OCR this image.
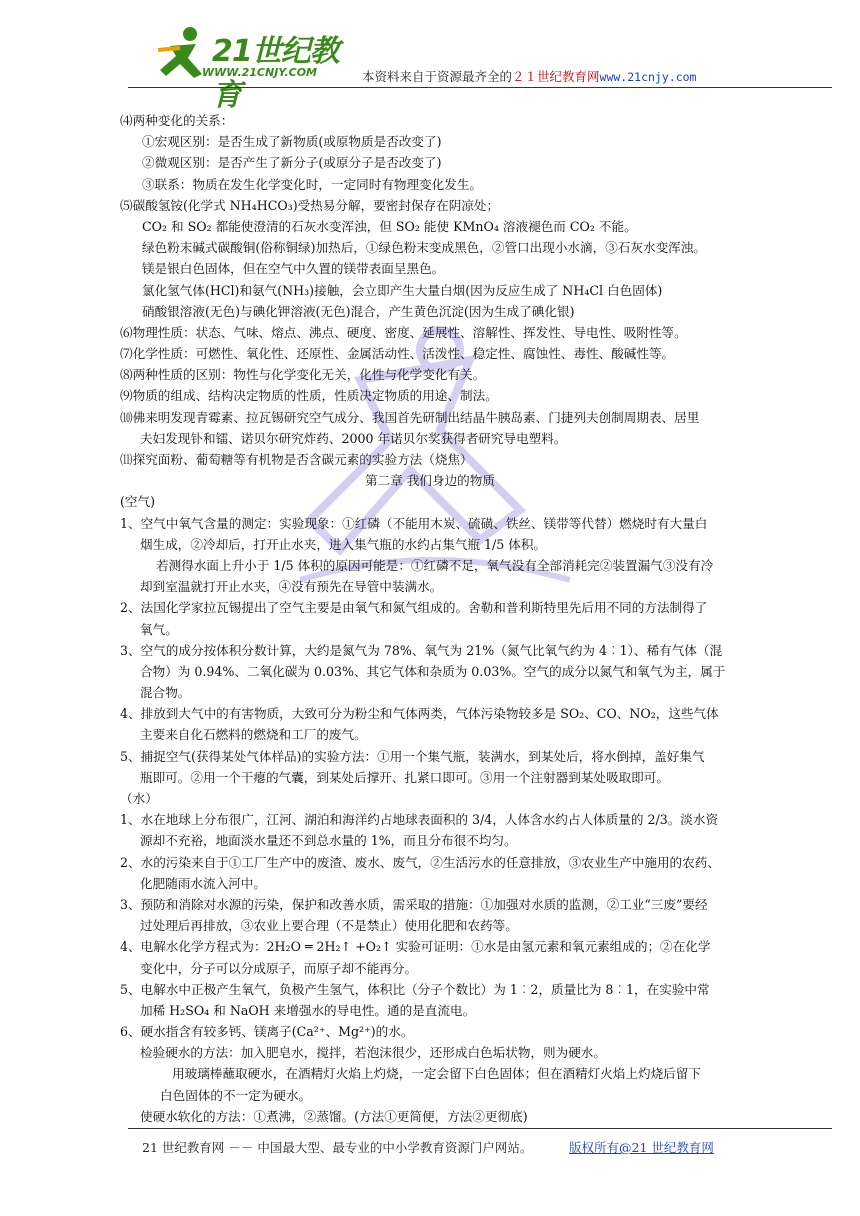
21世纪教育
WWW.21CNJY.COM	本资料来自于资源最齐全的２１世纪教育网www.21cnjy.com
⑷两种变化的关系：
①宏观区别：是否生成了新物质(或原物质是否改变了)
②微观区别：是否产生了新分子(或原分子是否改变了)
③联系：物质在发生化学变化时，一定同时有物理变化发生。
⑸碳酸氢铵(化学式 NH₄HCO₃)受热易分解，要密封保存在阴凉处；
CO₂ 和 SO₂ 都能使澄清的石灰水变浑浊，但 SO₂ 能使 KMnO₄ 溶液褪色而 CO₂ 不能。
绿色粉末碱式碳酸铜(俗称铜绿)加热后，①绿色粉末变成黑色，②管口出现小水滴，③石灰水变浑浊。
镁是银白色固体，但在空气中久置的镁带表面呈黑色。
氯化氢气体(HCl)和氨气(NH₃)接触，会立即产生大量白烟(因为反应生成了 NH₄Cl 白色固体)
硝酸银溶液(无色)与碘化钾溶液(无色)混合，产生黄色沉淀(因为生成了碘化银)
⑹物理性质：状态、气味、熔点、沸点、硬度、密度、延展性、溶解性、挥发性、导电性、吸附性等。
⑺化学性质：可燃性、氧化性、还原性、金属活动性、活泼性、稳定性、腐蚀性、毒性、酸碱性等。
⑻两种性质的区别：物性与化学变化无关，化性与化学变化有关。
⑼物质的组成、结构决定物质的性质，性质决定物质的用途、制法。
⑽佛来明发现青霉素、拉瓦锡研究空气成分、我国首先研制出结晶牛胰岛素、门捷列夫创制周期表、居里
夫妇发现钋和镭、诺贝尔研究炸药、2000 年诺贝尔奖获得者研究导电塑料。
⑾探究面粉、葡萄糖等有机物是否含碳元素的实验方法（烧焦）
第二章 我们身边的物质
(空气)
1、空气中氧气含量的测定：实验现象：①红磷（不能用木炭、硫磺、铁丝、镁带等代替）燃烧时有大量白
烟生成，②冷却后，打开止水夹，进入集气瓶的水约占集气瓶 1/5 体积。
若测得水面上升小于 1/5 体积的原因可能是：①红磷不足，氧气没有全部消耗完②装置漏气③没有冷
却到室温就打开止水夹，④没有预先在导管中装满水。
2、法国化学家拉瓦锡提出了空气主要是由氧气和氮气组成的。舍勒和普利斯特里先后用不同的方法制得了
氧气。
3、空气的成分按体积分数计算，大约是氮气为 78%、氧气为 21%（氮气比氧气约为 4︰1）、稀有气体（混
合物）为 0.94%、二氧化碳为 0.03%、其它气体和杂质为 0.03%。空气的成分以氮气和氧气为主，属于
混合物。
4、排放到大气中的有害物质，大致可分为粉尘和气体两类，气体污染物较多是 SO₂、CO、NO₂，这些气体
主要来自化石燃料的燃烧和工厂的废气。
5、捕捉空气(获得某处气体样品)的实验方法：①用一个集气瓶，装满水，到某处后，将水倒掉，盖好集气
瓶即可。②用一个干瘪的气囊，到某处后撑开、扎紧口即可。③用一个注射器到某处吸取即可。
（水）
1、水在地球上分布很广，江河、湖泊和海洋约占地球表面积的 3/4，人体含水约占人体质量的 2/3。淡水资
源却不充裕，地面淡水量还不到总水量的 1%，而且分布很不均匀。
2、水的污染来自于①工厂生产中的废渣、废水、废气，②生活污水的任意排放，③农业生产中施用的农药、
化肥随雨水流入河中。
3、预防和消除对水源的污染，保护和改善水质，需采取的措施：①加强对水质的监测，②工业“三废”要经
过处理后再排放，③农业上要合理（不是禁止）使用化肥和农药等。
4、电解水化学方程式为：2H₂O ═ 2H₂↑ +O₂↑ 实验可证明：①水是由氢元素和氧元素组成的；②在化学
变化中，分子可以分成原子，而原子却不能再分。
5、电解水中正极产生氧气，负极产生氢气，体积比（分子个数比）为 1︰2，质量比为 8︰1，在实验中常
加稀 H₂SO₄ 和 NaOH 来增强水的导电性。通的是直流电。
6、硬水指含有较多钙、镁离子(Ca²⁺、Mg²⁺)的水。
检验硬水的方法：加入肥皂水，搅拌，若泡沫很少，还形成白色垢状物，则为硬水。
用玻璃棒蘸取硬水，在酒精灯火焰上灼烧，一定会留下白色固体；但在酒精灯火焰上灼烧后留下
白色固体的不一定为硬水。
使硬水软化的方法：①煮沸，②蒸馏。(方法①更简便，方法②更彻底)
21 世纪教育网 －－ 中国最大型、最专业的中小学教育资源门户网站。	版权所有@21 世纪教育网
